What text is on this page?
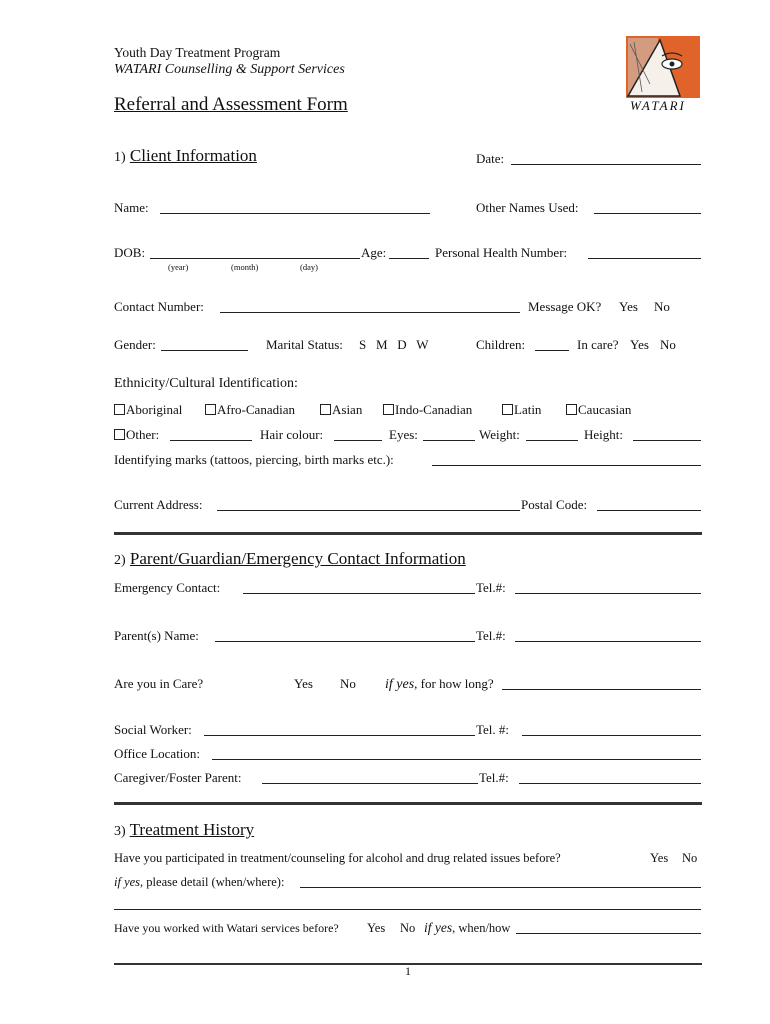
Youth Day Treatment Program
WATARI Counselling & Support Services
Referral and Assessment Form	WATARI
1) Client Information	Date:
Name:	Other Names Used:
DOB:	Age:	Personal Health Number:
(year)	(month)	(day)
Contact Number:	Message OK? Yes No
Gender:	Marital Status: S   M   D   W	Children:	In care? Yes No
Ethnicity/Cultural Identification:
Aboriginal	Afro-Canadian	Asian	Indo-Canadian	Latin	Caucasian
Other:	Hair colour:	Eyes:	Weight:	Height:
Identifying marks (tattoos, piercing, birth marks etc.):
Current Address:	Postal Code:
2) Parent/Guardian/Emergency Contact Information
Emergency Contact:	Tel.#:
Parent(s) Name:	Tel.#:
Are you in Care?	Yes No if yes, for how long?
Social Worker:	Tel. #:
Office Location:
Caregiver/Foster Parent:	Tel.#:
3) Treatment History
Have you participated in treatment/counseling for alcohol and drug related issues before?	Yes No
if yes, please detail (when/where):
Have you worked with Watari services before? Yes No if yes, when/how
1
